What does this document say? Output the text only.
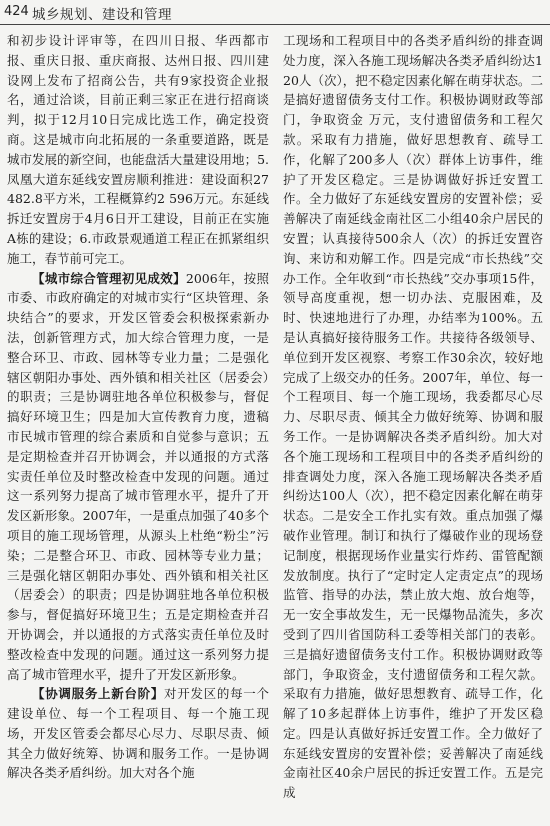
424 城乡规划、建设和管理

和初步设计评审等，在四川日报、华西都市报、重庆日报、重庆商报、达州日报、四川建设网上发布了招商公告，共有9家投资企业报名，通过洽谈，目前正剩三家正在进行招商谈判，拟于12月10日完成比选工作，确定投资商。这是城市向北拓展的一条重要道路，既是城市发展的新空间，也能盘活大量建设用地；5.凤凰大道东延线安置房顺利推进：建设面积27 482.8平方米，工程概算约2 596万元。东延线拆迁安置房于4月6日开工建设，目前正在实施A栋的建设；6.市政景观通道工程正在抓紧组织施工，春节前可完工。

【城市综合管理初见成效】2006年，按照市委、市政府确定的对城市实行“区块管理、条块结合”的要求，开发区管委会积极探索新办法，创新管理方式，加大综合管理力度，一是整合环卫、市政、园林等专业力量；二是强化辖区朝阳办事处、西外镇和相关社区（居委会）的职责；三是协调驻地各单位积极参与，督促搞好环境卫生；四是加大宣传教育力度，遗稿市民城市管理的综合素质和自觉参与意识；五是定期检查并召开协调会，并以通报的方式落实责任单位及时整改检查中发现的问题。通过这一系列努力提高了城市管理水平，提升了开发区新形象。2007年，一是重点加强了40多个项目的施工现场管理，从源头上杜绝“粉尘”污染；二是整合环卫、市政、园林等专业力量；三是强化辖区朝阳办事处、西外镇和相关社区（居委会）的职责；四是协调驻地各单位积极参与，督促搞好环境卫生；五是定期检查并召开协调会，并以通报的方式落实责任单位及时整改检查中发现的问题。通过这一系列努力提高了城市管理水平，提升了开发区新形象。

【协调服务上新台阶】对开发区的每一个建设单位、每一个工程项目、每一个施工现场，开发区管委会都尽心尽力、尽职尽责、倾其全力做好统筹、协调和服务工作。一是协调解决各类矛盾纠纷。加大对各个施

工现场和工程项目中的各类矛盾纠纷的排查调处力度，深入各施工现场解决各类矛盾纠纷达120人（次），把不稳定因素化解在萌芽状态。二是搞好遗留债务支付工作。积极协调财政等部门，争取资金 万元，支付遗留债务和工程欠款。采取有力措施，做好思想教育、疏导工作，化解了200多人（次）群体上访事件，维护了开发区稳定。三是协调做好拆迁安置工作。全力做好了东延线安置房的安置补偿；妥善解决了南延线金南社区二小组40余户居民的安置；认真接待500余人（次）的拆迁安置咨询、来访和劝解工作。四是完成“市长热线”交办工作。全年收到“市长热线”交办事项15件，领导高度重视，想一切办法、克服困难，及时、快速地进行了办理，办结率为100%。五是认真搞好接待服务工作。共接待各级领导、单位到开发区视察、考察工作30余次，较好地完成了上级交办的任务。2007年，单位、每一个工程项目、每一个施工现场，我委都尽心尽力、尽职尽责、倾其全力做好统筹、协调和服务工作。一是协调解决各类矛盾纠纷。加大对各个施工现场和工程项目中的各类矛盾纠纷的排查调处力度，深入各施工现场解决各类矛盾纠纷达100人（次），把不稳定因素化解在萌芽状态。二是安全工作扎实有效。重点加强了爆破作业管理。制订和执行了爆破作业的现场登记制度，根据现场作业量实行炸药、雷管配额发放制度。执行了“定时定人定责定点”的现场监管、指导的办法，禁止放大炮、放台炮等，无一安全事故发生，无一民爆物品流失，多次受到了四川省国防科工委等相关部门的表彰。三是搞好遗留债务支付工作。积极协调财政等部门，争取资金，支付遗留债务和工程欠款。采取有力措施，做好思想教育、疏导工作，化解了10多起群体上访事件，维护了开发区稳定。四是认真做好拆迁安置工作。全力做好了东延线安置房的安置补偿；妥善解决了南延线金南社区40余户居民的拆迁安置工作。五是完成
